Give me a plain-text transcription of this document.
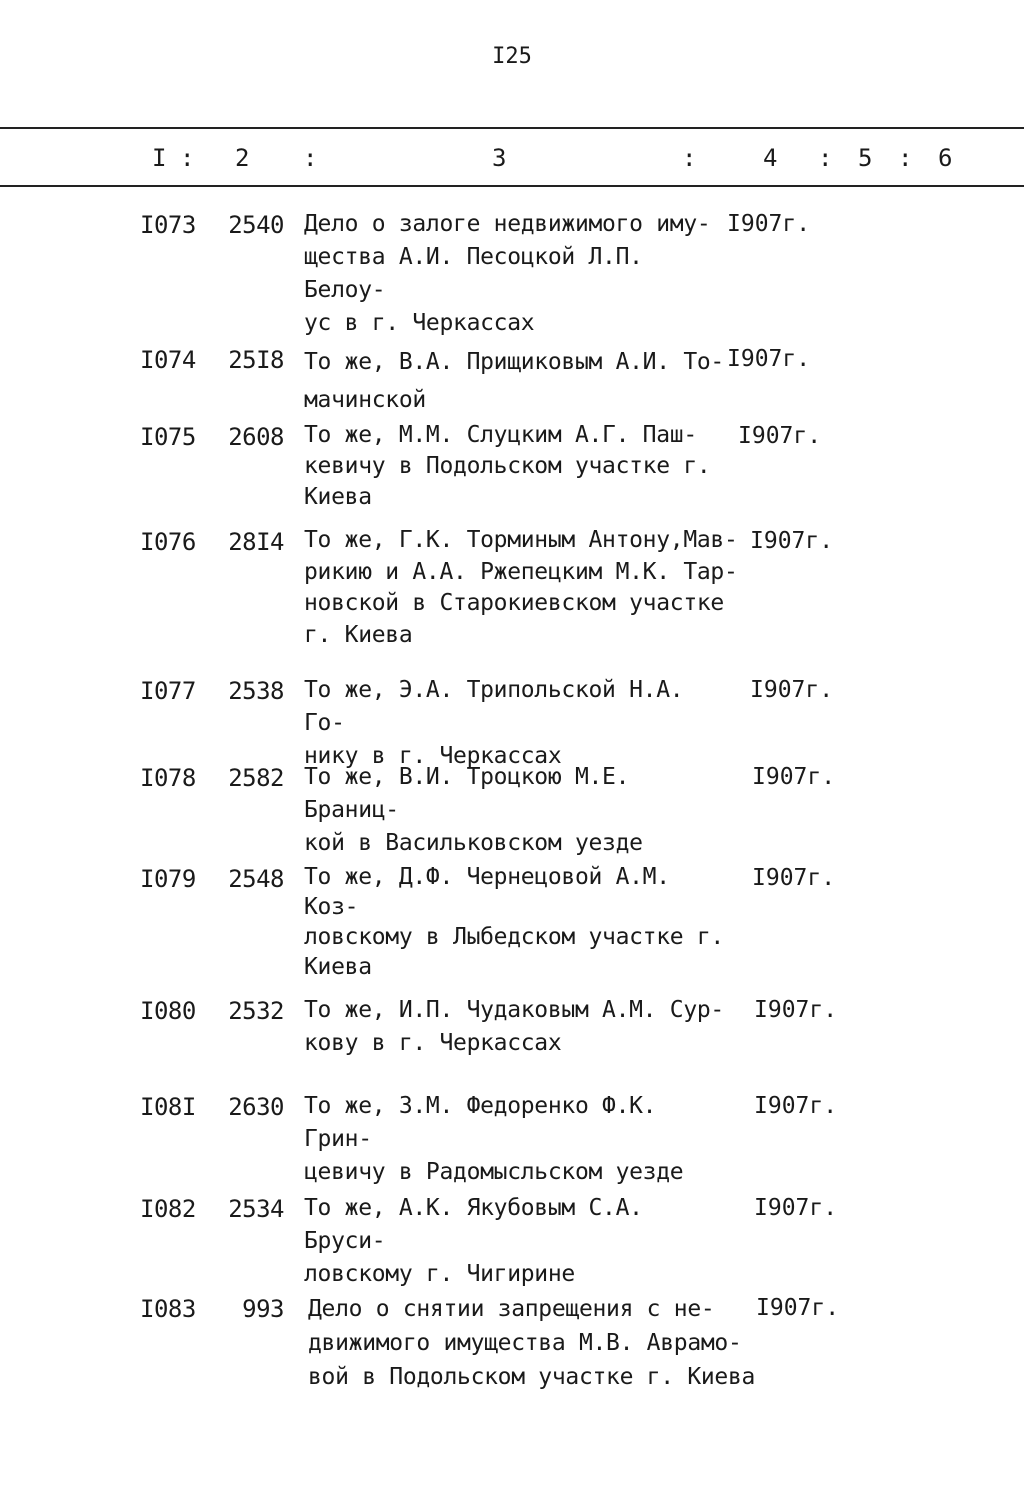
I25
I : 2 :	3	:	4 : 5 : 6
I073	2540 Дело о залоге недвижимого иму-
щества А.И. Песоцкой Л.П. Белоу-
ус в г. Черкассах
I907г.
I074	25I8 То же, В.А. Прищиковым А.И. То-
мачинской
I907г.
I075	2608 То же, М.М. Слуцким А.Г. Паш-
кевичу в Подольском участке г.
Киева
I907г.
I076	28I4 То же, Г.К. Торминым Антону,Мав-
рикию и А.А. Ржепецким М.К. Тар-
новской в Старокиевском участке
г. Киева
I907г.
I077	2538 То же, Э.А. Трипольской Н.А. Го-
нику в г. Черкассах
I907г.
I078	2582 То же, В.И. Троцкою М.Е. Браниц-
кой в Васильковском уезде
I907г.
I079	2548 То же, Д.Ф. Чернецовой А.М. Коз-
ловскому в Лыбедском участке г.
Киева
I907г.
I080	2532 То же, И.П. Чудаковым А.М. Сур-
кову в г. Черкассах
I907г.
I08I	2630 То же, З.М. Федоренко Ф.К. Грин-
цевичу в Радомысльском уезде
I907г.
I082	2534 То же, А.К. Якубовым С.А. Бруси-
ловскому г. Чигирине
I907г.
I083	993 Дело о снятии запрещения с не-
движимого имущества М.В. Аврамо-
вой в Подольском участке г. Киева
I907г.
